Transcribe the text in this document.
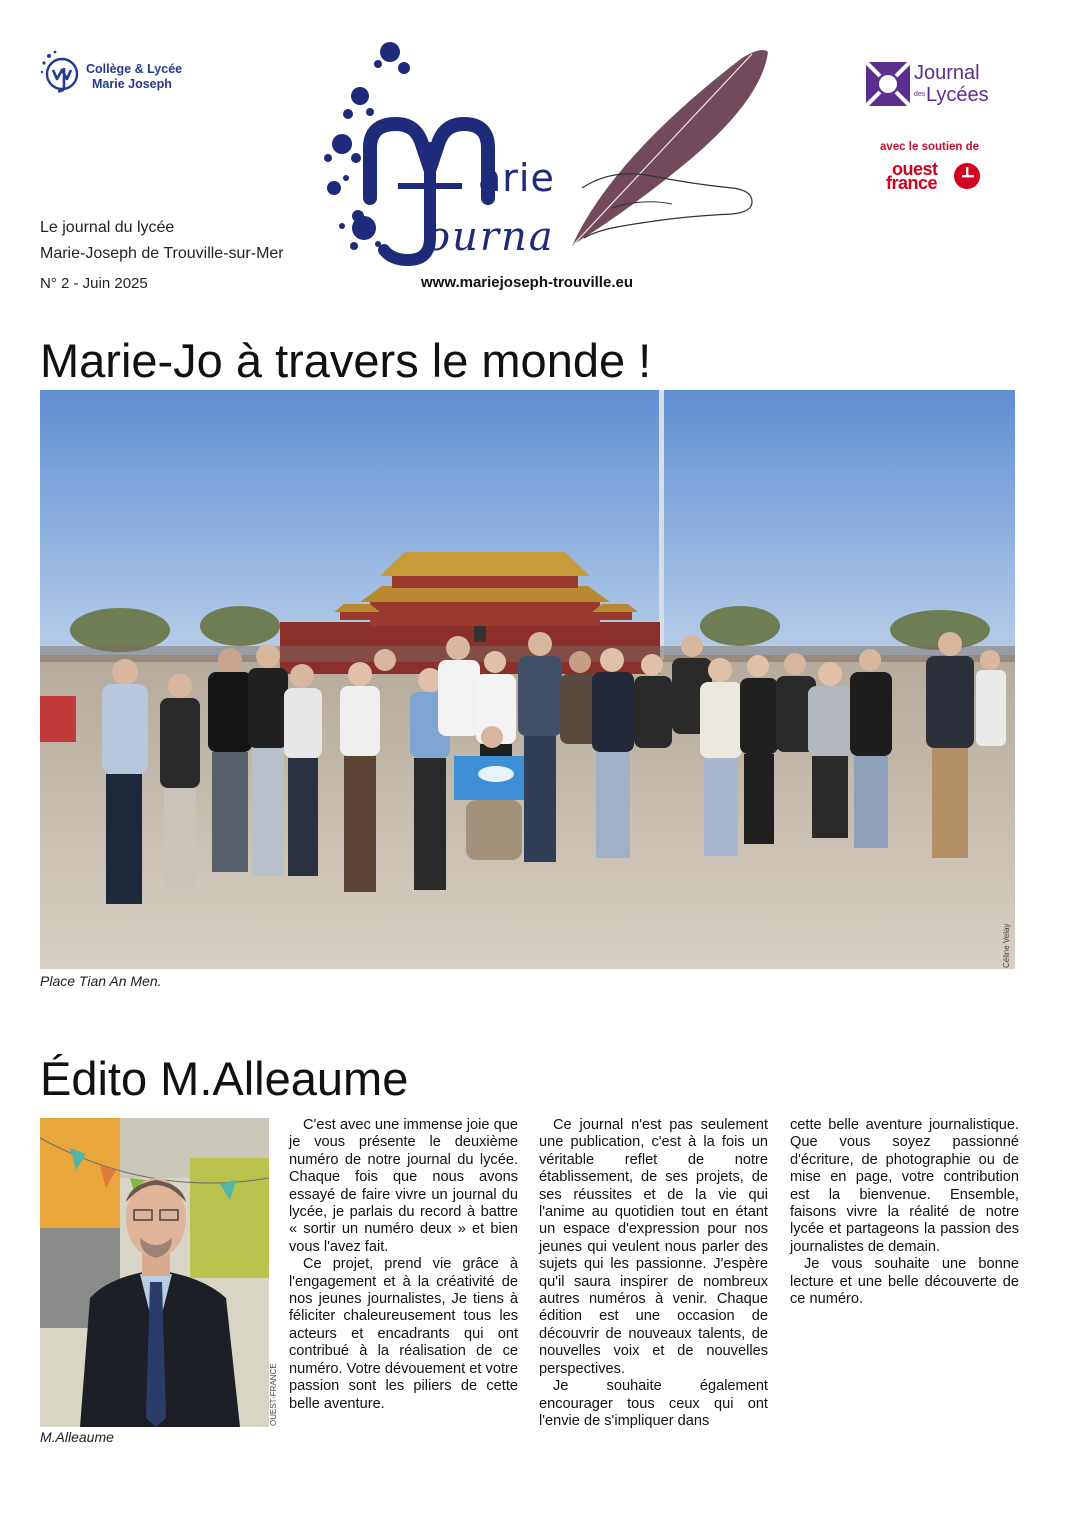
Collège & Lycée
Marie Joseph
arie
ourna
Journal
des Lycées
avec le soutien de
ouest
france
Le journal du lycée
Marie-Joseph de Trouville-sur-Mer
N° 2 - Juin 2025	www.mariejoseph-trouville.eu
Marie-Jo à travers le monde !
Céline Velay
Place Tian An Men.
Édito M.Alleaume
OUEST-FRANCE
M.Alleaume

C'est avec une immense joie que je vous présente le deuxième numéro de notre journal du lycée. Chaque fois que nous avons essayé de faire vivre un journal du lycée, je parlais du record à battre « sortir un numéro deux » et bien vous l'avez fait.

Ce projet, prend vie grâce à l'engagement et à la créativité de nos jeunes journalistes, Je tiens à féliciter chaleureusement tous les acteurs et encadrants qui ont contribué à la réalisation de ce numéro. Votre dévouement et votre passion sont les piliers de cette belle aventure.

Ce journal n'est pas seulement une publication, c'est à la fois un véritable reflet de notre établissement, de ses projets, de ses réussites et de la vie qui l'anime au quotidien tout en étant un espace d'expression pour nos jeunes qui veulent nous parler des sujets qui les passionne. J'espère qu'il saura inspirer de nombreux autres numéros à venir. Chaque édition est une occasion de découvrir de nouveaux talents, de nouvelles voix et de nouvelles perspectives.

Je souhaite également encourager tous ceux qui ont l'envie de s'impliquer dans

cette belle aventure journalistique. Que vous soyez passionné d'écriture, de photographie ou de mise en page, votre contribution est la bienvenue. Ensemble, faisons vivre la réalité de notre lycée et partageons la passion des journalistes de demain.

Je vous souhaite une bonne lecture et une belle découverte de ce numéro.
